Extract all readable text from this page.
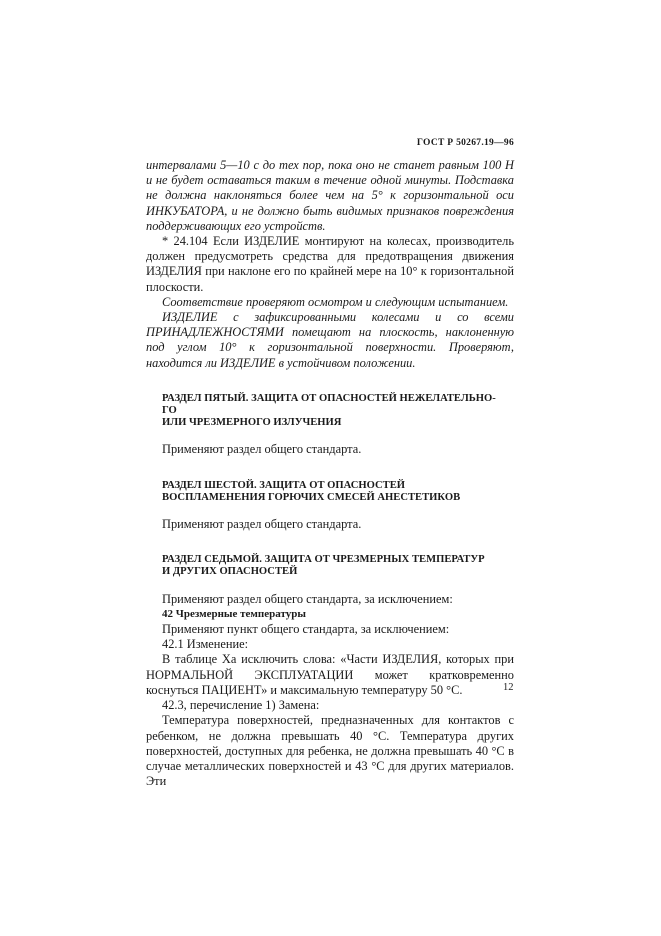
ГОСТ Р 50267.19—96

интервалами 5—10 с до тех пор, пока оно не станет равным 100 Н и не будет оставаться таким в течение одной минуты. Подставка не должна наклоняться более чем на 5° к горизонтальной оси ИНКУБАТОРА, и не должно быть видимых признаков повреждения поддерживающих его устройств.

* 24.104 Если ИЗДЕЛИЕ монтируют на колесах, производитель должен предусмотреть средства для предотвращения движения ИЗДЕЛИЯ при наклоне его по крайней мере на 10° к горизонтальной плоскости.

Соответствие проверяют осмотром и следующим испытанием.

ИЗДЕЛИЕ с зафиксированными колесами и со всеми ПРИНАДЛЕЖНОСТЯМИ помещают на плоскость, наклоненную под углом 10° к горизонтальной поверхности. Проверяют, находится ли ИЗДЕЛИЕ в устойчивом положении.

РАЗДЕЛ ПЯТЫЙ. ЗАЩИТА ОТ ОПАСНОСТЕЙ НЕЖЕЛАТЕЛЬНО-
ГО
ИЛИ ЧРЕЗМЕРНОГО ИЗЛУЧЕНИЯ

Применяют раздел общего стандарта.

РАЗДЕЛ ШЕСТОЙ. ЗАЩИТА ОТ ОПАСНОСТЕЙ
ВОСПЛАМЕНЕНИЯ ГОРЮЧИХ СМЕСЕЙ АНЕСТЕТИКОВ

Применяют раздел общего стандарта.

РАЗДЕЛ СЕДЬМОЙ. ЗАЩИТА ОТ ЧРЕЗМЕРНЫХ ТЕМПЕРАТУР
И ДРУГИХ ОПАСНОСТЕЙ

Применяют раздел общего стандарта, за исключением:

42 Чрезмерные температуры

Применяют пункт общего стандарта, за исключением:

42.1 Изменение:

В таблице Xa исключить слова: «Части ИЗДЕЛИЯ, которых при НОРМАЛЬНОЙ ЭКСПЛУАТАЦИИ может кратковременно коснуться ПАЦИЕНТ» и максимальную температуру 50 °С.

42.3, перечисление 1) Замена:

Температура поверхностей, предназначенных для контактов с ребенком, не должна превышать 40 °С. Температура других поверхностей, доступных для ребенка, не должна превышать 40 °С в случае металлических поверхностей и 43 °С для других материалов. Эти

12
